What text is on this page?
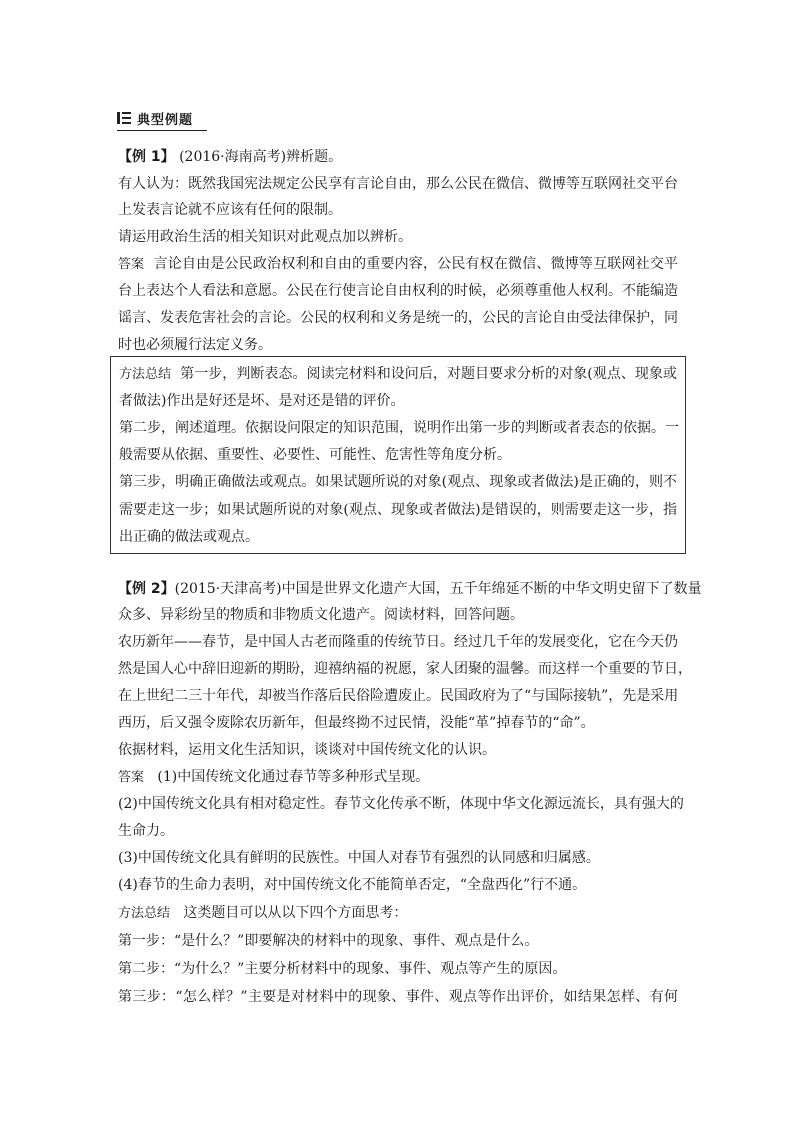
典型例题
【例 1】 (2016·海南高考)辨析题。
有人认为：既然我国宪法规定公民享有言论自由，那么公民在微信、微博等互联网社交平台
上发表言论就不应该有任何的限制。
请运用政治生活的相关知识对此观点加以辨析。
答案 言论自由是公民政治权利和自由的重要内容，公民有权在微信、微博等互联网社交平
台上表达个人看法和意愿。公民在行使言论自由权利的时候，必须尊重他人权利。不能编造
谣言、发表危害社会的言论。公民的权利和义务是统一的，公民的言论自由受法律保护，同
时也必须履行法定义务。
方法总结 第一步，判断表态。阅读完材料和设问后，对题目要求分析的对象(观点、现象或
者做法)作出是好还是坏、是对还是错的评价。
第二步，阐述道理。依据设问限定的知识范围，说明作出第一步的判断或者表态的依据。一
般需要从依据、重要性、必要性、可能性、危害性等角度分析。
第三步，明确正确做法或观点。如果试题所说的对象(观点、现象或者做法)是正确的，则不
需要走这一步；如果试题所说的对象(观点、现象或者做法)是错误的，则需要走这一步，指
出正确的做法或观点。
【例 2】(2015·天津高考)中国是世界文化遗产大国，五千年绵延不断的中华文明史留下了数量
众多、异彩纷呈的物质和非物质文化遗产。阅读材料，回答问题。
农历新年——春节，是中国人古老而隆重的传统节日。经过几千年的发展变化，它在今天仍
然是国人心中辞旧迎新的期盼，迎禧纳福的祝愿，家人团聚的温馨。而这样一个重要的节日，
在上世纪二三十年代，却被当作落后民俗险遭废止。民国政府为了“与国际接轨”，先是采用
西历，后又强令废除农历新年，但最终拗不过民情，没能“革”掉春节的“命”。
依据材料，运用文化生活知识，谈谈对中国传统文化的认识。
答案 (1)中国传统文化通过春节等多种形式呈现。
(2)中国传统文化具有相对稳定性。春节文化传承不断，体现中华文化源远流长，具有强大的
生命力。
(3)中国传统文化具有鲜明的民族性。中国人对春节有强烈的认同感和归属感。
(4)春节的生命力表明，对中国传统文化不能简单否定，“全盘西化”行不通。
方法总结 这类题目可以从以下四个方面思考：
第一步：“是什么？”即要解决的材料中的现象、事件、观点是什么。
第二步：“为什么？”主要分析材料中的现象、事件、观点等产生的原因。
第三步：“怎么样？”主要是对材料中的现象、事件、观点等作出评价，如结果怎样、有何
